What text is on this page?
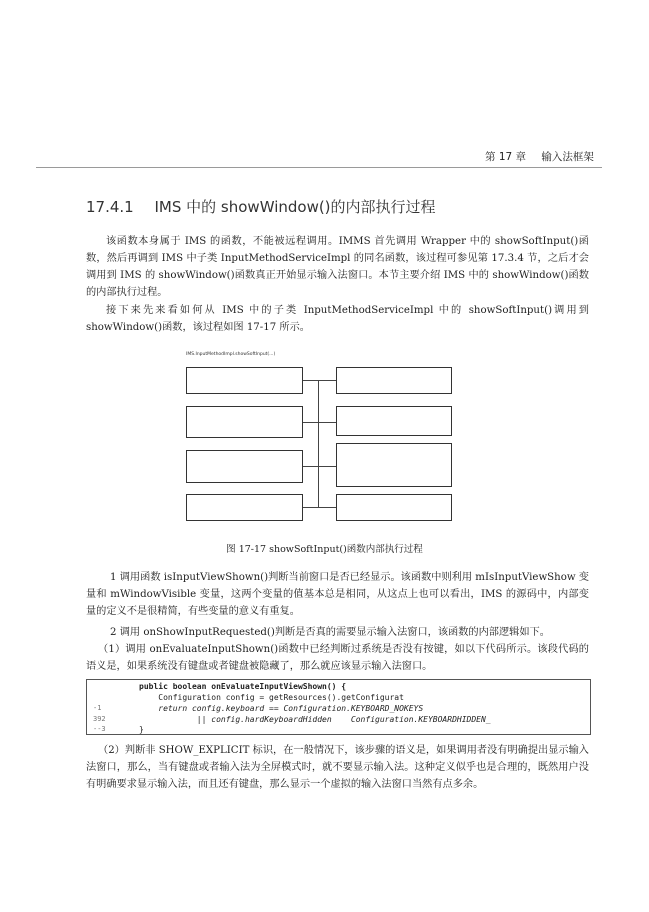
第 17 章 输入法框架
17.4.1 IMS 中的 showWindow()的内部执行过程

该函数本身属于 IMS 的函数，不能被远程调用。IMMS 首先调用 Wrapper 中的 showSoftInput()函数，然后再调到 IMS 中子类 InputMethodServiceImpl 的同名函数，该过程可参见第 17.3.4 节，之后才会调用到 IMS 的 showWindow()函数真正开始显示输入法窗口。本节主要介绍 IMS 中的 showWindow()函数的内部执行过程。

接下来先来看如何从 IMS 中的子类 InputMethodServiceImpl 中的 showSoftInput()调用到 showWindow()函数，该过程如图 17-17 所示。

IMS.InputMethodImpl.showSoftInput(...)
图 17-17 showSoftInput()函数内部执行过程

1 调用函数 isInputViewShown()判断当前窗口是否已经显示。该函数中则利用 mIsInputViewShow 变量和 mWindowVisible 变量，这两个变量的值基本总是相同，从这点上也可以看出，IMS 的源码中，内部变量的定义不是很精简，有些变量的意义有重复。

2 调用 onShowInputRequested()判断是否真的需要显示输入法窗口，该函数的内部逻辑如下。

（1）调用 onEvaluateInputShown()函数中已经判断过系统是否没有按键，如以下代码所示。该段代码的语义是，如果系统没有键盘或者键盘被隐藏了，那么就应该显示输入法窗口。

public boolean onEvaluateInputViewShown() {

Configuration config = getResources().getConfigurat

-1

	return config.keyboard == Configuration.KEYBOARD_NOKEYS

392

	|| config.hardKeyboardHidden    Configuration.KEYBOARDHIDDEN_

--3

	}

（2）判断非 SHOW_EXPLICIT 标识，在一般情况下，该步骤的语义是，如果调用者没有明确提出显示输入法窗口，那么，当有键盘或者输入法为全屏模式时，就不要显示输入法。这种定义似乎也是合理的，既然用户没有明确要求显示输入法，而且还有键盘，那么显示一个虚拟的输入法窗口当然有点多余。
